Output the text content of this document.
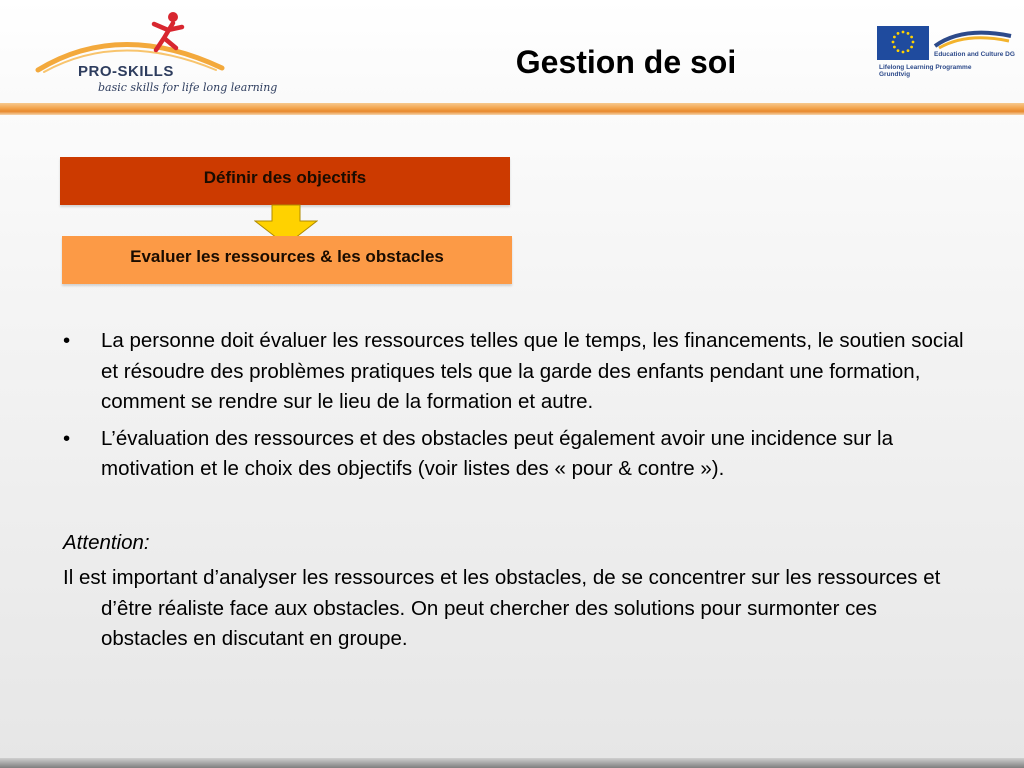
PRO-SKILLS
basic skills for life long learning
Gestion de soi	Education and Culture DG
Lifelong Learning Programme
Grundtvig
Définir des objectifs
Evaluer les ressources & les obstacles
•	La personne doit évaluer les ressources telles que le temps, les financements, le soutien social et résoudre des problèmes pratiques tels que la garde des enfants pendant une formation, comment se rendre sur le lieu de la formation et autre.
•	L’évaluation des ressources et des obstacles peut également avoir une incidence sur la motivation et le choix des objectifs (voir listes des « pour & contre »).
Attention:
Il est important d’analyser les ressources et les obstacles, de se concentrer sur les ressources et d’être réaliste face aux obstacles. On peut chercher des solutions pour surmonter ces obstacles en discutant en groupe.
